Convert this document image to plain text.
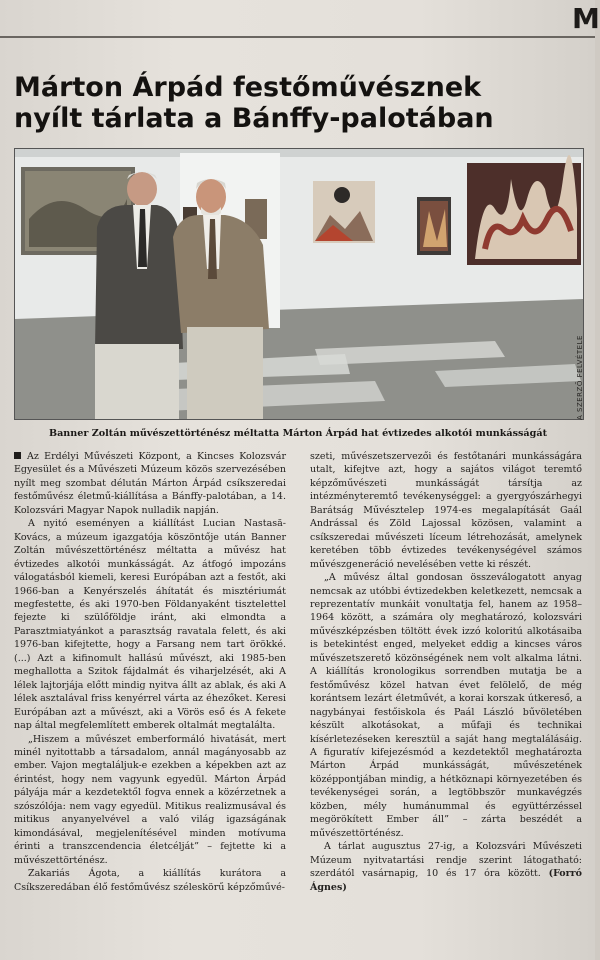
M
Márton Árpád festőművésznek
nyílt tárlata a Bánffy-palotában
A SZERZŐ FELVÉTELE

Banner Zoltán művészettörténész méltatta Márton Árpád hat évtizedes alkotói munkásságát

Az Erdélyi Művészeti Központ, a Kincses Kolozsvár Egyesület és a Művészeti Múzeum közös szervezésében nyílt meg szombat délután Márton Árpád csíkszeredai festőművész életmű-kiállítása a Bánffy-palotában, a 14. Kolozsvári Magyar Napok nulladik napján.

A nyitó eseményen a kiállítást Lucian Nastasă-Kovács, a múzeum igazgatója köszöntője után Banner Zoltán művészettörténész méltatta a művész hat évtizedes alkotói munkásságát. Az átfogó impozáns válogatásból kiemeli, keresi Európában azt a festőt, aki 1966-ban a Kenyérszelés áhítatát és misztériumát megfestette, és aki 1970-ben Földanyaként tisztelettel fejezte ki szülőföldje iránt, aki elmondta a Parasztmiatyánkot a parasztság ravatala felett, és aki 1976-ban kifejtette, hogy a Farsang nem tart örökké. (...) Azt a kifinomult hallású művészt, aki 1985-ben meghallotta a Szitok fájdalmát és viharjelzését, aki A lélek lajtorjája előtt mindig nyitva állt az ablak, és aki A lélek asztalával friss kenyérrel várta az éhezőket. Keresi Európában azt a művészt, aki a Vörös eső és A fekete nap által megfelemlített emberek oltalmát megtalálta.

„Hiszem a művészet emberformáló hivatását, mert minél nyitottabb a társadalom, annál magányosabb az ember. Vajon megtaláljuk-e ezekben a képekben azt az érintést, hogy nem vagyunk egyedül. Márton Árpád pályája már a kezdetektől fogva ennek a közérzetnek a szószólója: nem vagy egyedül. Mitikus realizmusával és mitikus anyanyelvével a való világ igazságának kimondásával, megjelenítésével minden motívuma érinti a transzcendencia életcélját” – fejtette ki a művészettörténész.

Zakariás Ágota, a kiállítás kurátora a Csíkszeredában élő festőművész széleskörű képzőművé-

szeti, művészetszervezői és festőtanári munkásságára utalt, kifejtve azt, hogy a sajátos világot teremtő képzőművészeti munkásságát társítja az intézményteremtő tevékenységgel: a gyergyószárhegyi Barátság Művésztelep 1974-es megalapítását Gaál Andrással és Zöld Lajossal közösen, valamint a csíkszeredai művészeti líceum létrehozását, amelynek keretében több évtizedes tevékenységével számos művészgeneráció nevelésében vette ki részét.

„A művész által gondosan összeválogatott anyag nemcsak az utóbbi évtizedekben keletkezett, nemcsak a reprezentatív munkáit vonultatja fel, hanem az 1958–1964 között, a számára oly meghatározó, kolozsvári művészképzésben töltött évek izzó koloritú alkotásaiba is betekintést enged, melyeket eddig a kincses város művészetszerető közönségének nem volt alkalma látni. A kiállítás kronologikus sorrendben mutatja be a festőművész közel hatvan évet felölelő, de még korántsem lezárt életművét, a korai korszak útkereső, a nagybányai festőiskola és Paál László bűvöletében készült alkotásokat, a műfaji és technikai kísérletezéseken keresztül a saját hang megtalálásáig. A figuratív kifejezésmód a kezdetektől meghatározta Márton Árpád munkásságát, művészetének középpontjában mindig, a hétköznapi környezetében és tevékenységei során, a legtöbbször munkavégzés közben, mély humánummal és együttérzéssel megörökített Ember áll” – zárta beszédét a művészettörténész.

A tárlat augusztus 27-ig, a Kolozsvári Művészeti Múzeum nyitvatartási rendje szerint látogatható: szerdától vasárnapig, 10 és 17 óra között. (Forró Ágnes)
